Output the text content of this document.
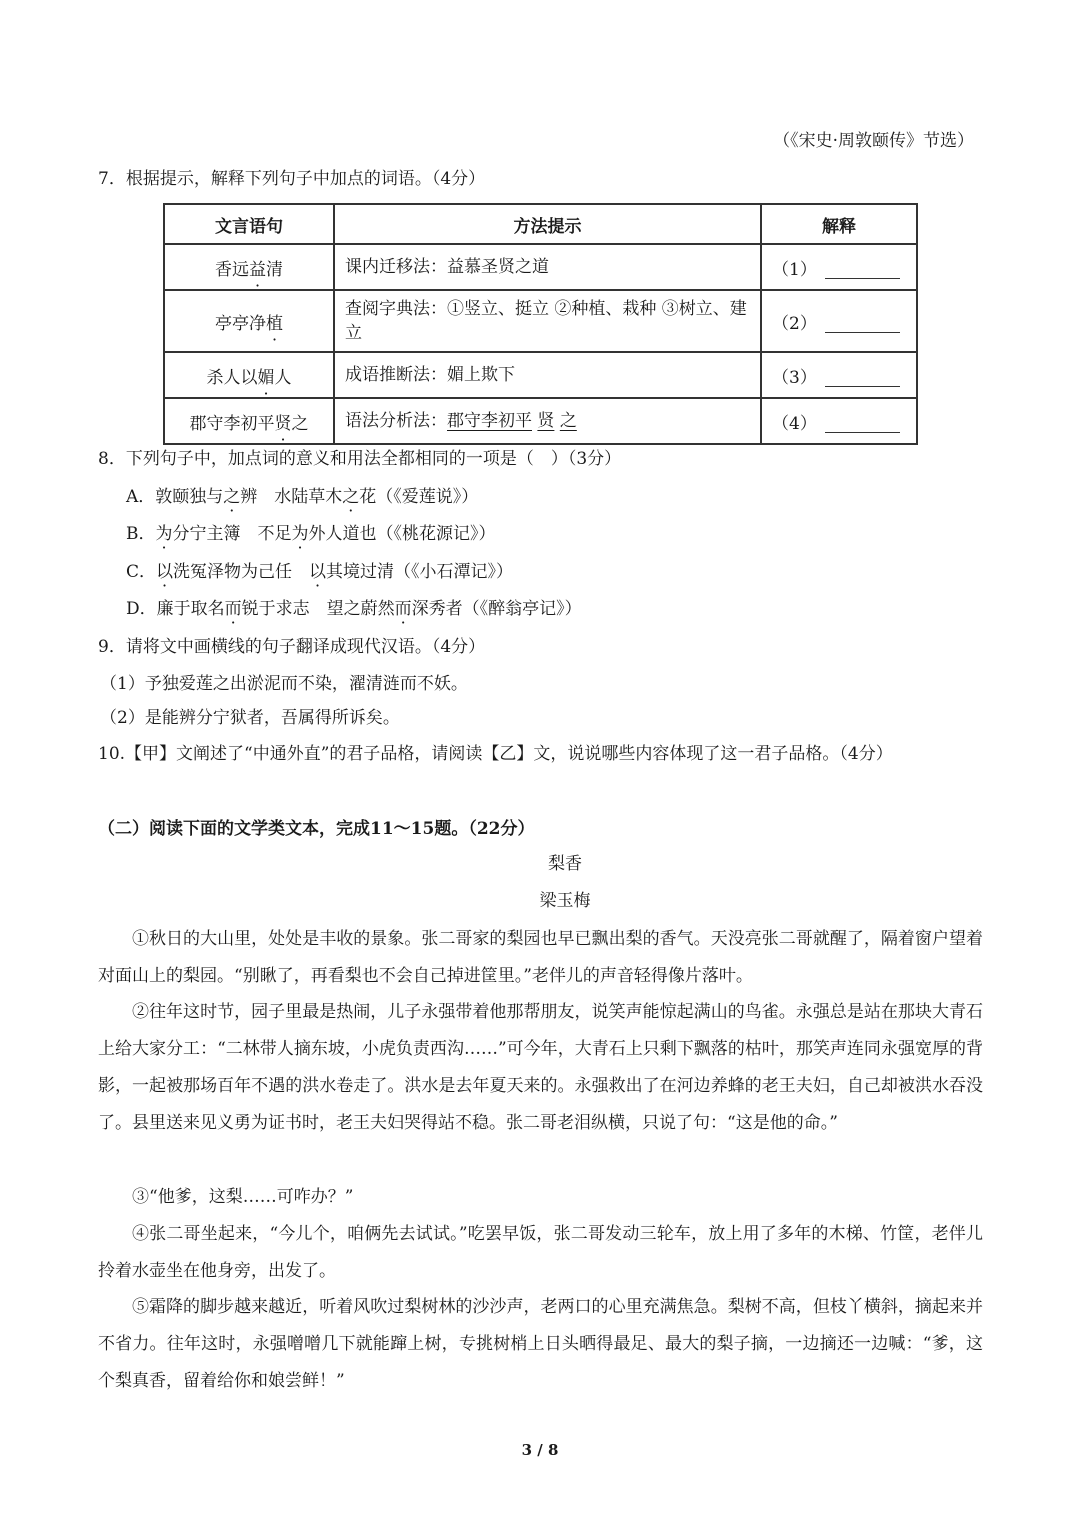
（《宋史·周敦颐传》节选）
7．根据提示，解释下列句子中加点的词语。（4分）
文言语句	方法提示	解释
香远益清	课内迁移法：益慕圣贤之道	（1）
亭亭净植	查阅字典法：①竖立、挺立 ②种植、栽种 ③树立、建立	（2）
杀人以媚人	成语推断法：媚上欺下	（3）
郡守李初平贤之	语法分析法：郡守李初平 贤 之	（4）
8．下列句子中，加点词的意义和用法全都相同的一项是（　）（3分）
A．敦颐独与之辨　水陆草木之花（《爱莲说》）
B．为分宁主簿　不足为外人道也（《桃花源记》）
C．以洗冤泽物为己任　以其境过清（《小石潭记》）
D．廉于取名而锐于求志　望之蔚然而深秀者（《醉翁亭记》）
9．请将文中画横线的句子翻译成现代汉语。（4分）
（1）予独爱莲之出淤泥而不染，濯清涟而不妖。
（2）是能辨分宁狱者，吾属得所诉矣。
10.【甲】文阐述了“中通外直”的君子品格，请阅读【乙】文，说说哪些内容体现了这一君子品格。（4分）
（二）阅读下面的文学类文本，完成11～15题。（22分）
梨香
梁玉梅
①秋日的大山里，处处是丰收的景象。张二哥家的梨园也早已飘出梨的香气。天没亮张二哥就醒了，隔着窗户望着对面山上的梨园。“别瞅了，再看梨也不会自己掉进筐里。”老伴儿的声音轻得像片落叶。
②往年这时节，园子里最是热闹，儿子永强带着他那帮朋友，说笑声能惊起满山的鸟雀。永强总是站在那块大青石上给大家分工：“二林带人摘东坡，小虎负责西沟……”可今年，大青石上只剩下飘落的枯叶，那笑声连同永强宽厚的背影，一起被那场百年不遇的洪水卷走了。洪水是去年夏天来的。永强救出了在河边养蜂的老王夫妇，自己却被洪水吞没了。县里送来见义勇为证书时，老王夫妇哭得站不稳。张二哥老泪纵横，只说了句：“这是他的命。”
③“他爹，这梨……可咋办？”
④张二哥坐起来，“今儿个，咱俩先去试试。”吃罢早饭，张二哥发动三轮车，放上用了多年的木梯、竹筐，老伴儿拎着水壶坐在他身旁，出发了。
⑤霜降的脚步越来越近，听着风吹过梨树林的沙沙声，老两口的心里充满焦急。梨树不高，但枝丫横斜，摘起来并不省力。往年这时，永强噌噌几下就能蹿上树，专挑树梢上日头晒得最足、最大的梨子摘，一边摘还一边喊：“爹，这个梨真香，留着给你和娘尝鲜！”
3 / 8
